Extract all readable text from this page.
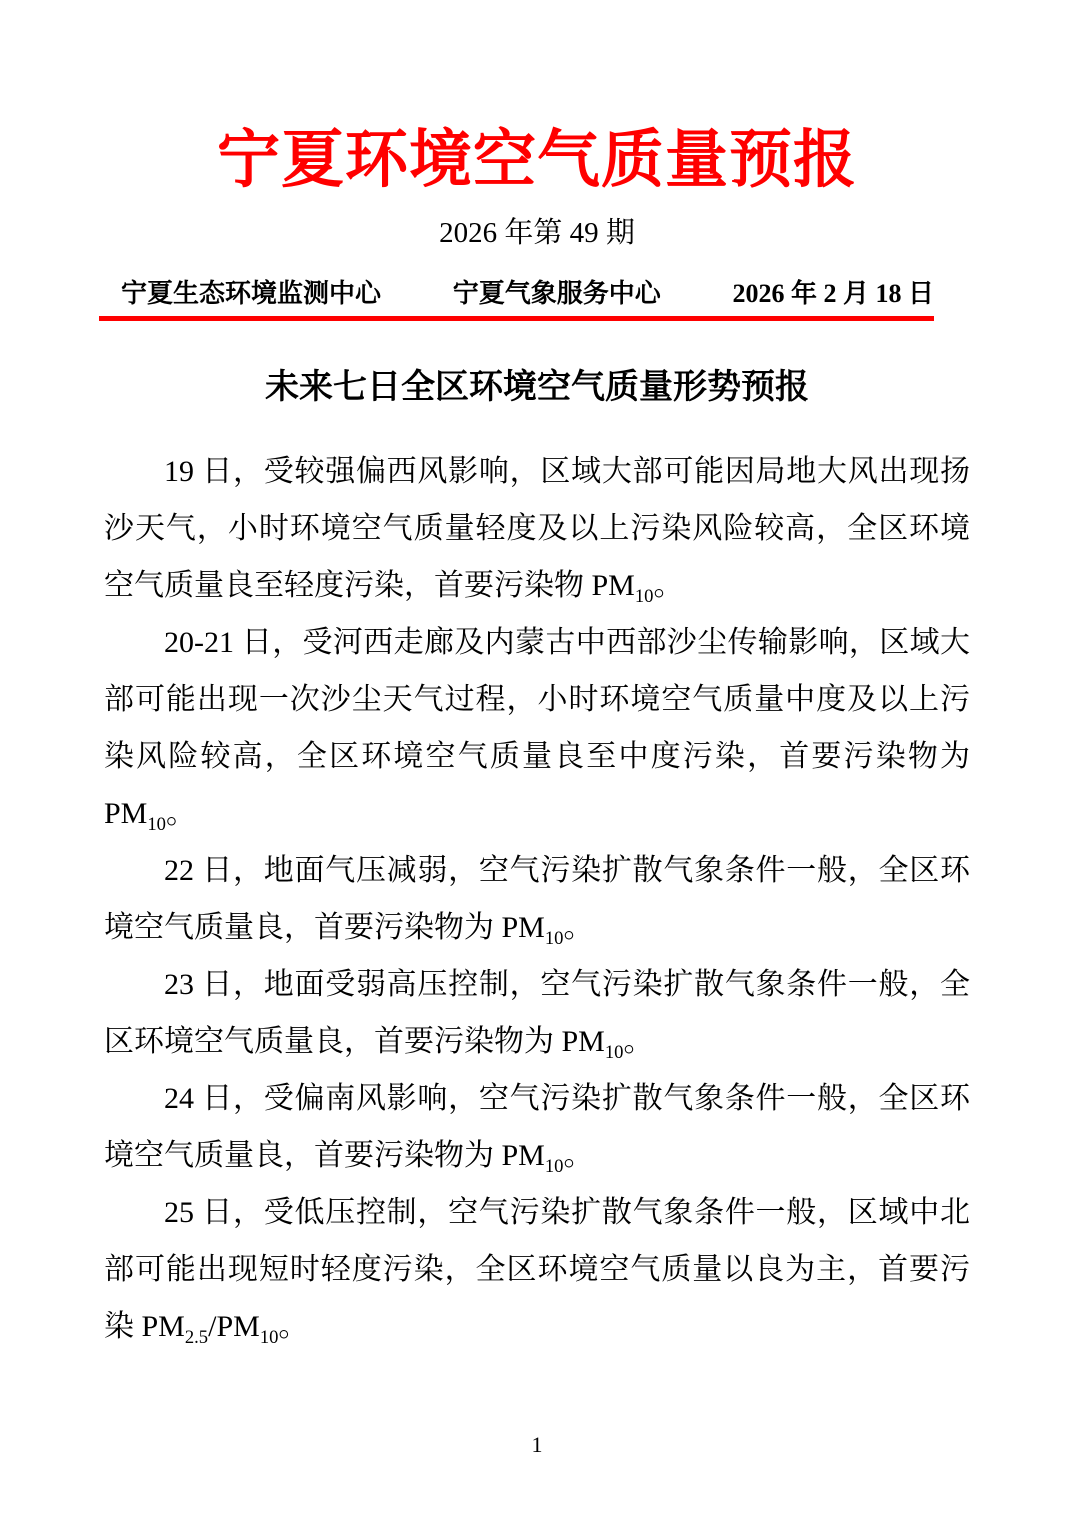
宁夏环境空气质量预报
2026 年第 49 期
宁夏生态环境监测中心	宁夏气象服务中心	2026 年 2 月 18 日
未来七日全区环境空气质量形势预报

19 日，受较强偏西风影响，区域大部可能因局地大风出现扬沙天气，小时环境空气质量轻度及以上污染风险较高，全区环境空气质量良至轻度污染，首要污染物 $PM_{10}$。

20-21 日，受河西走廊及内蒙古中西部沙尘传输影响，区域大部可能出现一次沙尘天气过程，小时环境空气质量中度及以上污染风险较高，全区环境空气质量良至中度污染，首要污染物为 $PM_{10}$。

22 日，地面气压减弱，空气污染扩散气象条件一般，全区环境空气质量良，首要污染物为 $PM_{10}$。

23 日，地面受弱高压控制，空气污染扩散气象条件一般，全区环境空气质量良，首要污染物为 $PM_{10}$。

24 日，受偏南风影响，空气污染扩散气象条件一般，全区环境空气质量良，首要污染物为 $PM_{10}$。

25 日，受低压控制，空气污染扩散气象条件一般，区域中北部可能出现短时轻度污染，全区环境空气质量以良为主，首要污染 $PM_{2.5}/PM_{10}$。

1
